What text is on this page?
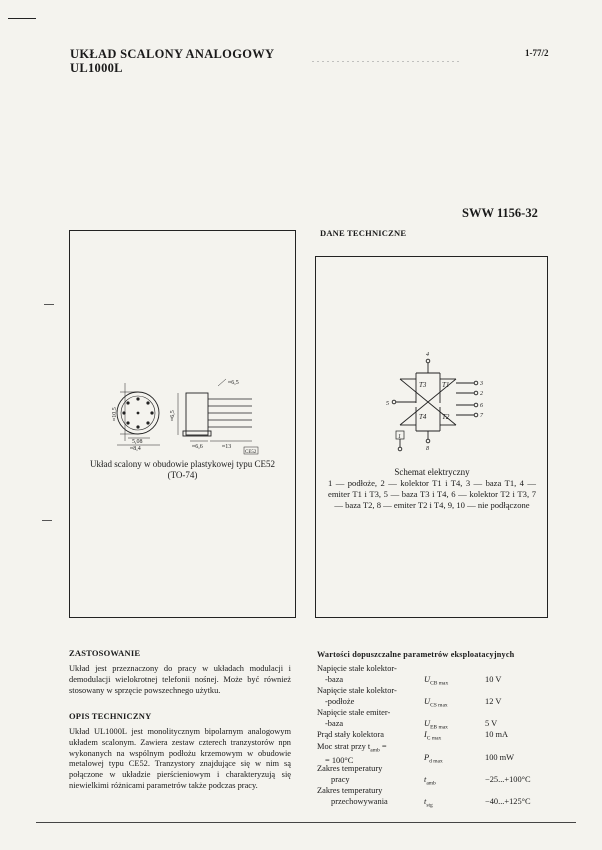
UKŁAD SCALONY ANALOGOWY
UL1000L
1-77/2
SWW 1156-32
DANE TECHNICZNE
≈10,5
5,08
≈8,4
≈6,5
≈6,5
≈6,6	≈13
CE52
Układ scalony w obudowie plastykowej typu CE52
(TO-74)
T3 T1
T4 T2
4
5
3
2
6
7
8
1
Schemat elektryczny
1 — podłoże, 2 — kolektor T1 i T4, 3 — baza T1, 4 — emiter T1 i T3, 5 — baza T3 i T4, 6 — kolektor T2 i T3, 7 — baza T2, 8 — emiter T2 i T4, 9, 10 — nie podłączone
ZASTOSOWANIE
Układ jest przeznaczony do pracy w układach modulacji i demodulacji wielokrotnej telefonii nośnej. Może być również stosowany w sprzęcie powszechnego użytku.
OPIS TECHNICZNY
Układ UL1000L jest monolitycznym bipolarnym analogowym układem scalonym. Zawiera zestaw czterech tranzystorów npn wykonanych na wspólnym podłożu krzemowym w obudowie metalowej typu CE52. Tranzystory znajdujące się w nim są połączone w układzie pierścieniowym i charakteryzują się niewielkimi różnicami parametrów także podczas pracy.
Wartości dopuszczalne parametrów eksploatacyjnych
Napięcie stałe kolektor-
-baza	$U_{CB max}$	10 V
Napięcie stałe kolektor-
-podłoże	$U_{CS max}$	12 V
Napięcie stałe emiter-
-baza	$U_{EB max}$	5 V
Prąd stały kolektora	$I_{C max}$	10 mA
Moc strat przy $t_{amb}$ =
= 100°C	$P_{d max}$	100 mW
Zakres temperatury
pracy	$t_{amb}$	−25...+100°C
Zakres temperatury
przechowywania	$t_{stg}$	−40...+125°C
